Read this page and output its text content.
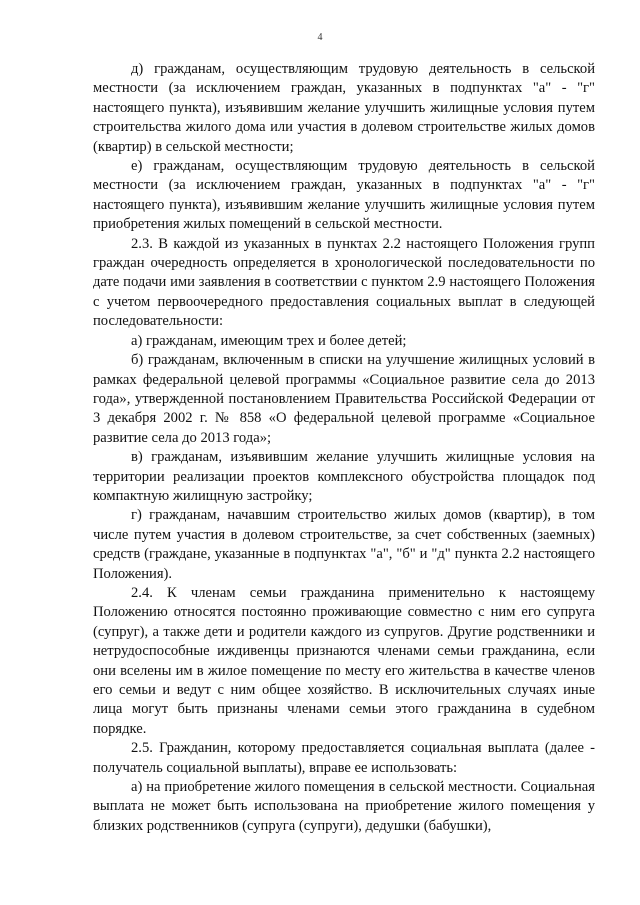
4

д) гражданам, осуществляющим трудовую деятельность в сельской местности (за исключением граждан, указанных в подпунктах "а" - "г" настоящего пункта), изъявившим желание улучшить жилищные условия путем строительства жилого дома или участия в долевом строительстве жилых домов (квартир) в сельской местности;

е) гражданам, осуществляющим трудовую деятельность в сельской местности (за исключением граждан, указанных в подпунктах "а" - "г" настоящего пункта), изъявившим желание улучшить жилищные условия путем приобретения жилых помещений в сельской местности.

2.3. В каждой из указанных в пунктах 2.2 настоящего Положения групп граждан очередность определяется в хронологической последовательности по дате подачи ими заявления в соответствии с пунктом 2.9 настоящего Положения с учетом первоочередного предоставления социальных выплат в следующей последовательности:

а) гражданам, имеющим трех и более детей;

б) гражданам, включенным в списки на улучшение жилищных условий в рамках федеральной целевой программы «Социальное развитие села до 2013 года», утвержденной постановлением Правительства Российской Федерации от 3 декабря 2002 г. № 858 «О федеральной целевой программе «Социальное развитие села до 2013 года»;

в) гражданам, изъявившим желание улучшить жилищные условия на территории реализации проектов комплексного обустройства площадок под компактную жилищную застройку;

г) гражданам, начавшим строительство жилых домов (квартир), в том числе путем участия в долевом строительстве, за счет собственных (заемных) средств (граждане, указанные в подпунктах "а", "б" и "д" пункта 2.2 настоящего Положения).

2.4. К членам семьи гражданина применительно к настоящему Положению относятся постоянно проживающие совместно с ним его супруга (супруг), а также дети и родители каждого из супругов. Другие родственники и нетрудоспособные иждивенцы признаются членами семьи гражданина, если они вселены им в жилое помещение по месту его жительства в качестве членов его семьи и ведут с ним общее хозяйство. В исключительных случаях иные лица могут быть признаны членами семьи этого гражданина в судебном порядке.

2.5. Гражданин, которому предоставляется социальная выплата (далее - получатель социальной выплаты), вправе ее использовать:

а) на приобретение жилого помещения в сельской местности. Социальная выплата не может быть использована на приобретение жилого помещения у близких родственников (супруга (супруги), дедушки (бабушки),
